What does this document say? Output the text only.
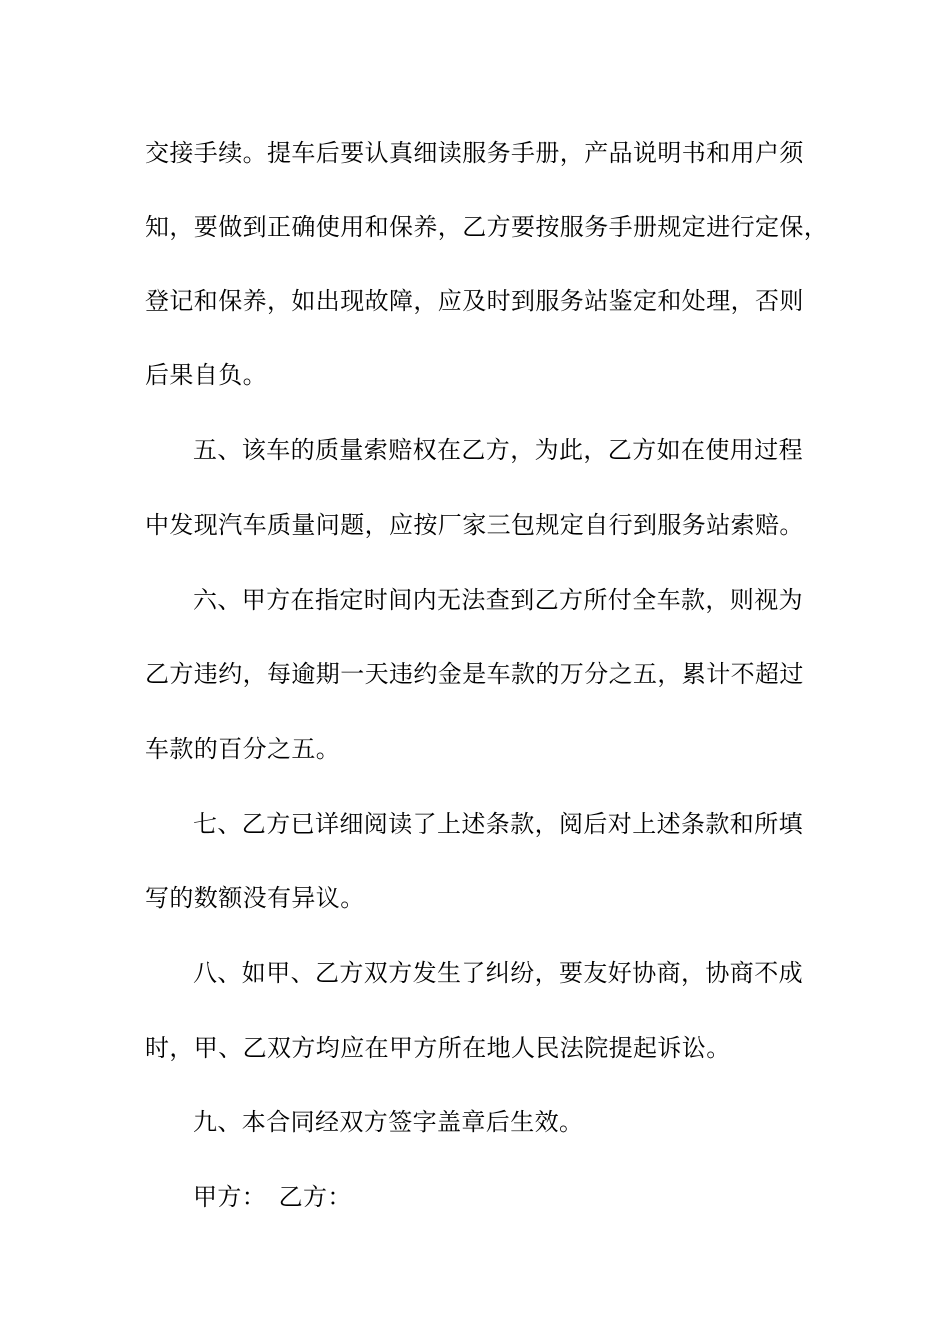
交接手续。提车后要认真细读服务手册，产品说明书和用户须
知，要做到正确使用和保养，乙方要按服务手册规定进行定保，
登记和保养，如出现故障，应及时到服务站鉴定和处理，否则
后果自负。
五、该车的质量索赔权在乙方，为此，乙方如在使用过程
中发现汽车质量问题，应按厂家三包规定自行到服务站索赔。
六、甲方在指定时间内无法查到乙方所付全车款，则视为
乙方违约，每逾期一天违约金是车款的万分之五，累计不超过
车款的百分之五。
七、乙方已详细阅读了上述条款，阅后对上述条款和所填
写的数额没有异议。
八、如甲、乙方双方发生了纠纷，要友好协商，协商不成
时，甲、乙双方均应在甲方所在地人民法院提起诉讼。
九、本合同经双方签字盖章后生效。
甲方：　乙方：
